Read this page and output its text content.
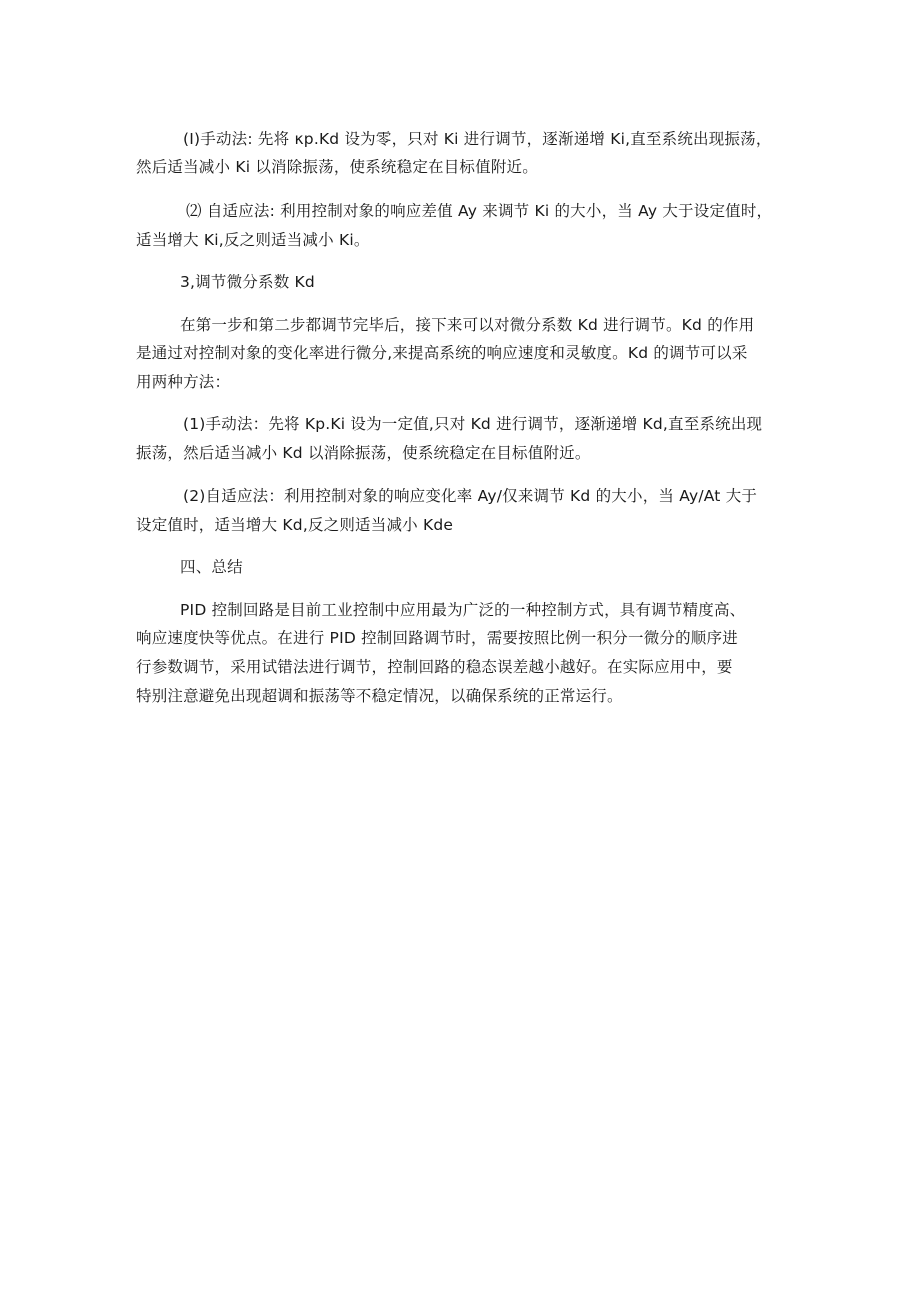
(I)手动法: 先将 κp.Kd 设为零，只对 Ki 进行调节，逐渐递增 Ki,直至系统出现振荡，
然后适当减小 Ki 以消除振荡，使系统稳定在目标值附近。
⑵ 自适应法: 利用控制对象的响应差值 Ay 来调节 Ki 的大小，当 Ay 大于设定值时，
适当增大 Ki,反之则适当减小 Ki。
3,调节微分系数 Kd
在第一步和第二步都调节完毕后，接下来可以对微分系数 Kd 进行调节。Kd 的作用
是通过对控制对象的变化率进行微分,来提高系统的响应速度和灵敏度。Kd 的调节可以采
用两种方法：
(1)手动法：先将 Kp.Ki 设为一定值,只对 Kd 进行调节，逐渐递增 Kd,直至系统出现
振荡，然后适当减小 Kd 以消除振荡，使系统稳定在目标值附近。
(2)自适应法：利用控制对象的响应变化率 Ay/仅来调节 Kd 的大小，当 Ay/At 大于
设定值时，适当增大 Kd,反之则适当减小 Kde
四、总结
PID 控制回路是目前工业控制中应用最为广泛的一种控制方式，具有调节精度高、
响应速度快等优点。在进行 PID 控制回路调节时，需要按照比例一积分一微分的顺序进
行参数调节，采用试错法进行调节，控制回路的稳态误差越小越好。在实际应用中，要
特别注意避免出现超调和振荡等不稳定情况，以确保系统的正常运行。
